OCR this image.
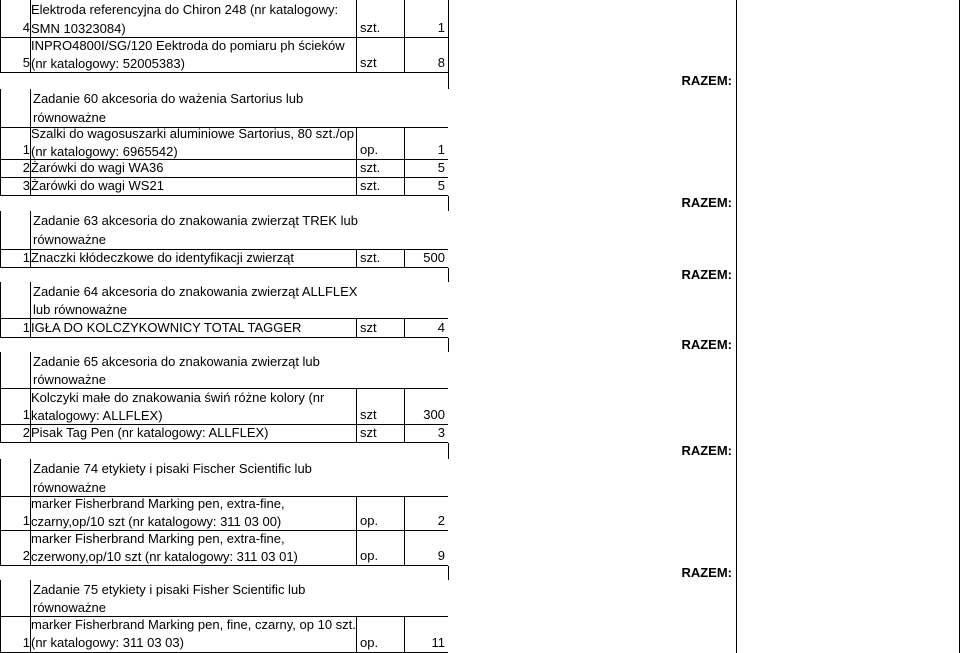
4
Elektroda referencyjna do Chiron 248 (nr katalogowy:
SMN 10323084)	szt.	1
5
INPRO4800I/SG/120 Eektroda do pomiaru ph ścieków
(nr katalogowy: 52005383)	szt	8
RAZEM:
Zadanie 60 akcesoria do ważenia Sartorius lub
równoważne
1
Szalki do wagosuszarki aluminiowe Sartorius, 80 szt./op
(nr katalogowy: 6965542)	op.	1
2 Żarówki do wagi WA36	szt.	5
3 Żarówki do wagi WS21	szt.	5
RAZEM:
Zadanie 63 akcesoria do znakowania zwierząt TREK lub
równoważne
1 Znaczki kłódeczkowe do identyfikacji zwierząt	szt.	500
RAZEM:
Zadanie 64 akcesoria do znakowania zwierząt ALLFLEX
lub równoważne
1 IGŁA DO KOLCZYKOWNICY TOTAL TAGGER	szt	4
RAZEM:
Zadanie 65 akcesoria do znakowania zwierząt lub
równoważne
1
Kolczyki małe do znakowania świń różne kolory (nr
katalogowy: ALLFLEX)	szt	300
2 Pisak Tag Pen (nr katalogowy: ALLFLEX)	szt	3
RAZEM:
Zadanie 74 etykiety i pisaki Fischer Scientific lub
równoważne
1
marker Fisherbrand Marking pen, extra-fine,
czarny,op/10 szt (nr katalogowy: 311 03 00)	op.	2
2
marker Fisherbrand Marking pen, extra-fine,
czerwony,op/10 szt (nr katalogowy: 311 03 01)	op.	9
RAZEM:
Zadanie 75 etykiety i pisaki Fisher Scientific lub
równoważne
1
marker Fisherbrand Marking pen, fine, czarny, op 10 szt.
(nr katalogowy: 311 03 03)	op.	11
